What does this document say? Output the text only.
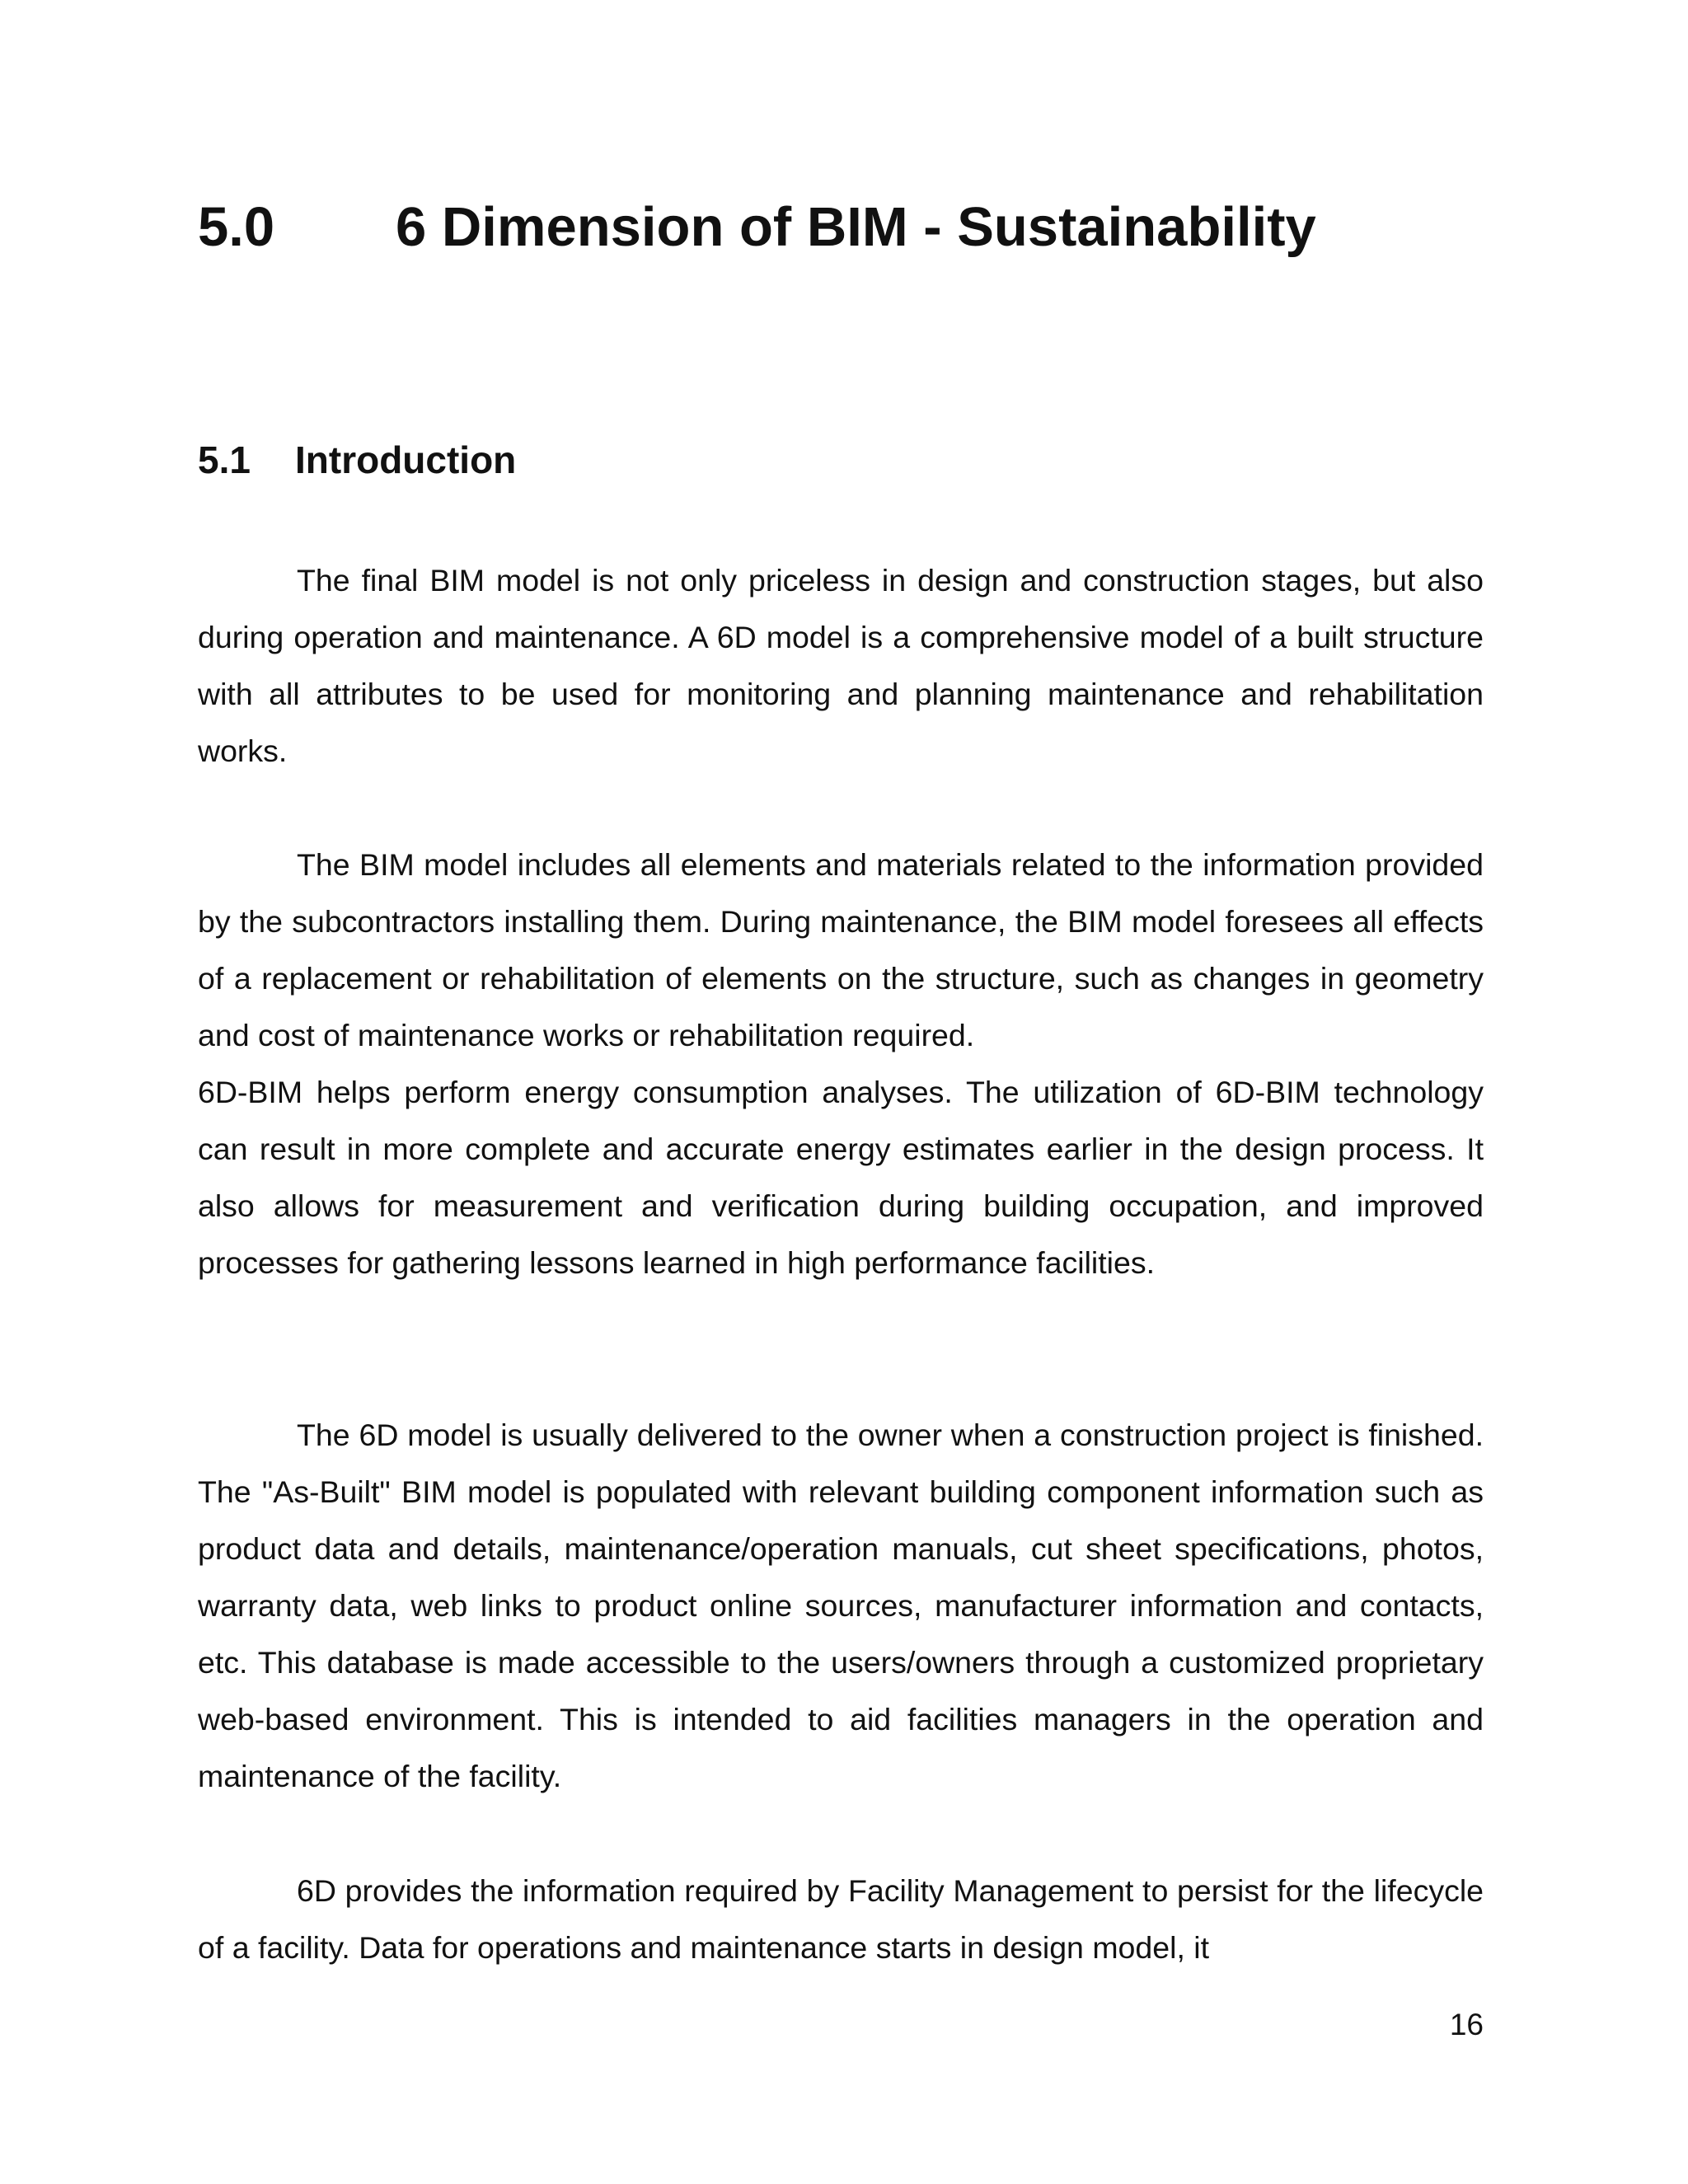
5.0 6 Dimension of BIM - Sustainability
5.1 Introduction

The final BIM model is not only priceless in design and construction stages, but also during operation and maintenance. A 6D model is a comprehensive model of a built structure with all attributes to be used for monitoring and planning maintenance and rehabilitation works.

The BIM model includes all elements and materials related to the information provided by the subcontractors installing them. During maintenance, the BIM model foresees all effects of a replacement or rehabilitation of elements on the structure, such as changes in geometry and cost of maintenance works or rehabilitation required.

6D-BIM helps perform energy consumption analyses. The utilization of 6D-BIM technology can result in more complete and accurate energy estimates earlier in the design process. It also allows for measurement and verification during building occupation, and improved processes for gathering lessons learned in high performance facilities.

The 6D model is usually delivered to the owner when a construction project is finished. The "As-Built" BIM model is populated with relevant building component information such as product data and details, maintenance/operation manuals, cut sheet specifications, photos, warranty data, web links to product online sources, manufacturer information and contacts, etc. This database is made accessible to the users/owners through a customized proprietary web-based environment. This is intended to aid facilities managers in the operation and maintenance of the facility.

6D provides the information required by Facility Management to persist for the lifecycle of a facility. Data for operations and maintenance starts in design model, it

16
